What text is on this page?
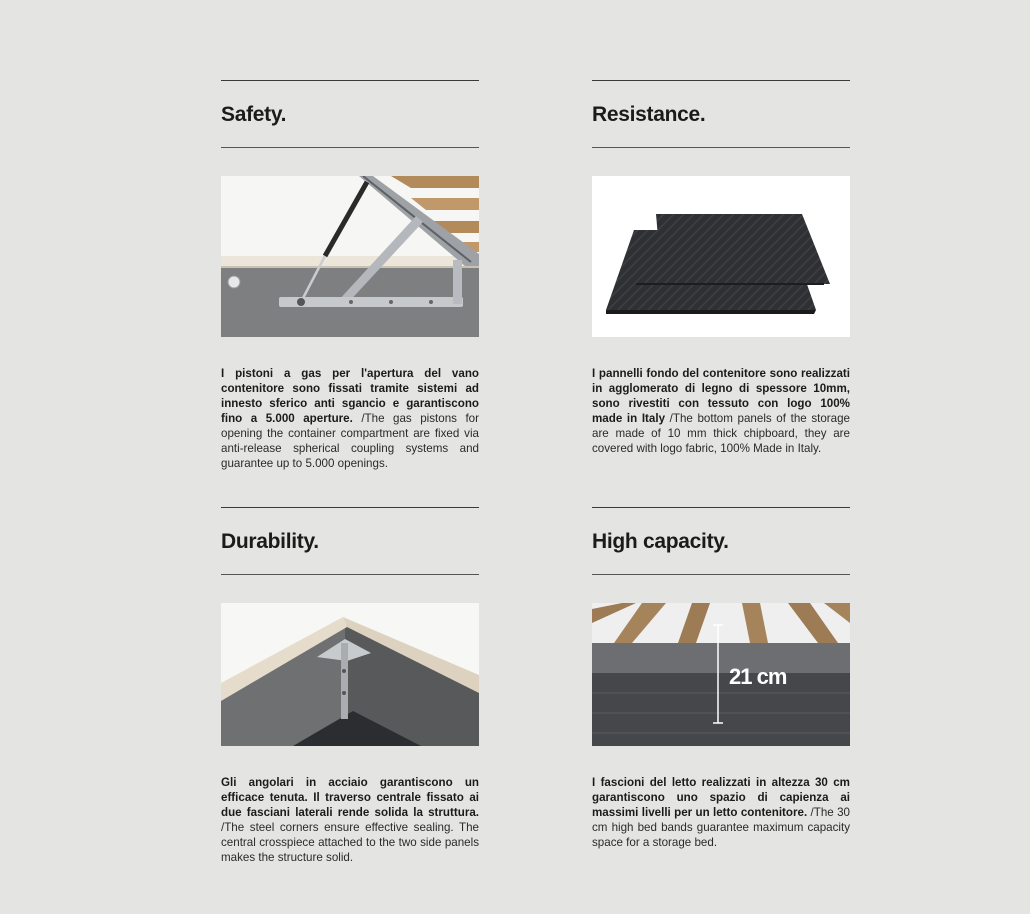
Safety.

I pistoni a gas per l'apertura del vano contenitore sono fissati tramite sistemi ad innesto sferico anti sgancio e garantiscono fino a 5.000 aperture. /The gas pistons for opening the container compartment are fixed via anti-release spherical coupling systems and guarantee up to 5.000 openings.

Resistance.

I pannelli fondo del contenitore sono realizzati in agglomerato di legno di spessore 10mm, sono rivestiti con tessuto con logo 100% made in Italy /The bottom panels of the storage are made of 10 mm thick chipboard, they are covered with logo fabric, 100% Made in Italy.

Durability.

Gli angolari in acciaio garantiscono un efficace tenuta. Il traverso centrale fissato ai due fasciani laterali rende solida la struttura. /The steel corners ensure effective sealing. The central crosspiece attached to the two side panels makes the structure solid.

High capacity.
21 cm

I fascioni del letto realizzati in altezza 30 cm garantiscono uno spazio di capienza ai massimi livelli per un letto contenitore. /The 30 cm high bed bands guarantee maximum capacity space for a storage bed.
